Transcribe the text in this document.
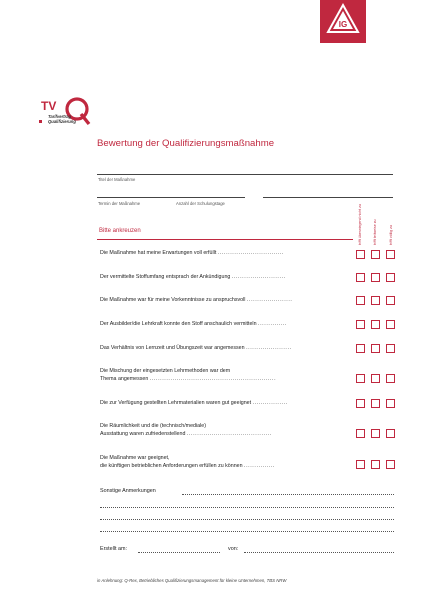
IG
TV
Tarifvertrag
Qualifizierung
Bewertung der Qualifizierungsmaßnahme
Titel der Maßnahme
Termin der Maßnahme	Anzahl der Schulungstage
Bitte ankreuzen	trifft überwiegend nicht zu	trifft teilweise zu	trifft völlig zu
Die Maßnahme hat meine Erwartungen voll erfüllt ................................
Der vermittelte Stoffumfang entsprach der Ankündigung ..........................
Die Maßnahme war für meine Vorkenntnisse zu anspruchsvoll ......................
Der Ausbilder/die Lehrkraft konnte den Stoff anschaulich vermitteln ..............
Das Verhältnis von Lernzeit und Übungszeit war angemessen ......................
Die Mischung der eingesetzten Lehrmethoden war dem
Thema angemessen .............................................................
Die zur Verfügung gestellten Lehrmaterialien waren gut geeignet .................
Die Räumlichkeit und die (technisch/mediale)
Ausstattung waren zufriedenstellend .........................................
Die Maßnahme war geeignet,
die künftigen betrieblichen Anforderungen erfüllen zu können ...............
Sonstige Anmerkungen
Erstellt am:	von:
in Anlehnung: Q-Rex, Betriebliches Qualifizierungsmanagement für kleine Unternehmen, TBS NRW
